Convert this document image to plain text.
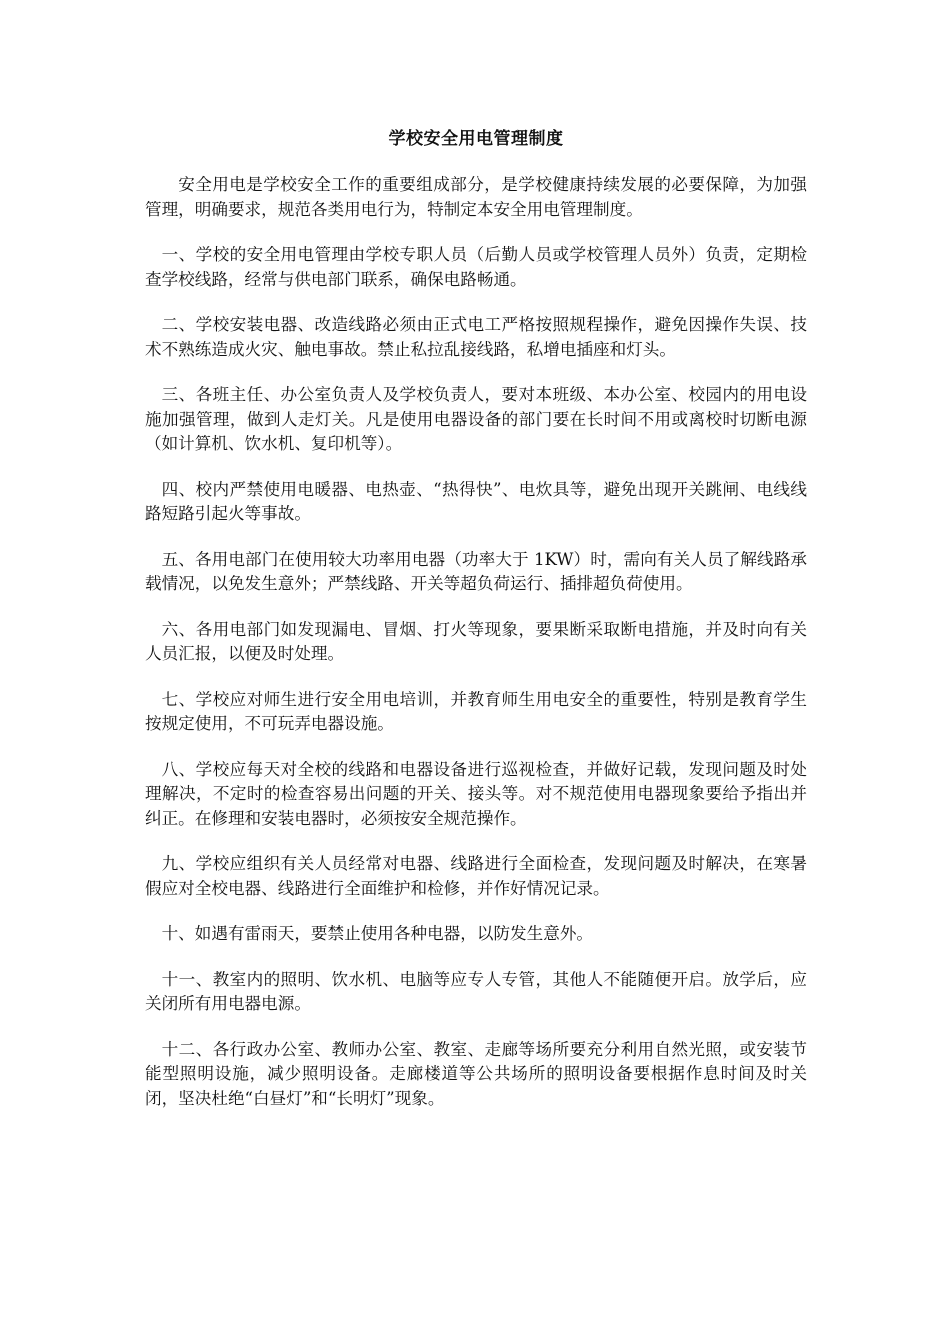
学校安全用电管理制度

安全用电是学校安全工作的重要组成部分，是学校健康持续发展的必要保障，为加强管理，明确要求，规范各类用电行为，特制定本安全用电管理制度。

一、学校的安全用电管理由学校专职人员（后勤人员或学校管理人员外）负责，定期检查学校线路，经常与供电部门联系，确保电路畅通。

二、学校安装电器、改造线路必须由正式电工严格按照规程操作，避免因操作失误、技术不熟练造成火灾、触电事故。禁止私拉乱接线路，私增电插座和灯头。

三、各班主任、办公室负责人及学校负责人，要对本班级、本办公室、校园内的用电设施加强管理，做到人走灯关。凡是使用电器设备的部门要在长时间不用或离校时切断电源（如计算机、饮水机、复印机等）。

四、校内严禁使用电暖器、电热壶、“热得快”、电炊具等，避免出现开关跳闸、电线线路短路引起火等事故。

五、各用电部门在使用较大功率用电器（功率大于 1KW）时，需向有关人员了解线路承载情况，以免发生意外；严禁线路、开关等超负荷运行、插排超负荷使用。

六、各用电部门如发现漏电、冒烟、打火等现象，要果断采取断电措施，并及时向有关人员汇报，以便及时处理。

七、学校应对师生进行安全用电培训，并教育师生用电安全的重要性，特别是教育学生按规定使用，不可玩弄电器设施。

八、学校应每天对全校的线路和电器设备进行巡视检查，并做好记载，发现问题及时处理解决，不定时的检查容易出问题的开关、接头等。对不规范使用电器现象要给予指出并纠正。在修理和安装电器时，必须按安全规范操作。

九、学校应组织有关人员经常对电器、线路进行全面检查，发现问题及时解决，在寒暑假应对全校电器、线路进行全面维护和检修，并作好情况记录。

十、如遇有雷雨天，要禁止使用各种电器，以防发生意外。

十一、教室内的照明、饮水机、电脑等应专人专管，其他人不能随便开启。放学后，应关闭所有用电器电源。

十二、各行政办公室、教师办公室、教室、走廊等场所要充分利用自然光照，或安装节能型照明设施，减少照明设备。走廊楼道等公共场所的照明设备要根据作息时间及时关闭，坚决杜绝“白昼灯”和“长明灯”现象。
